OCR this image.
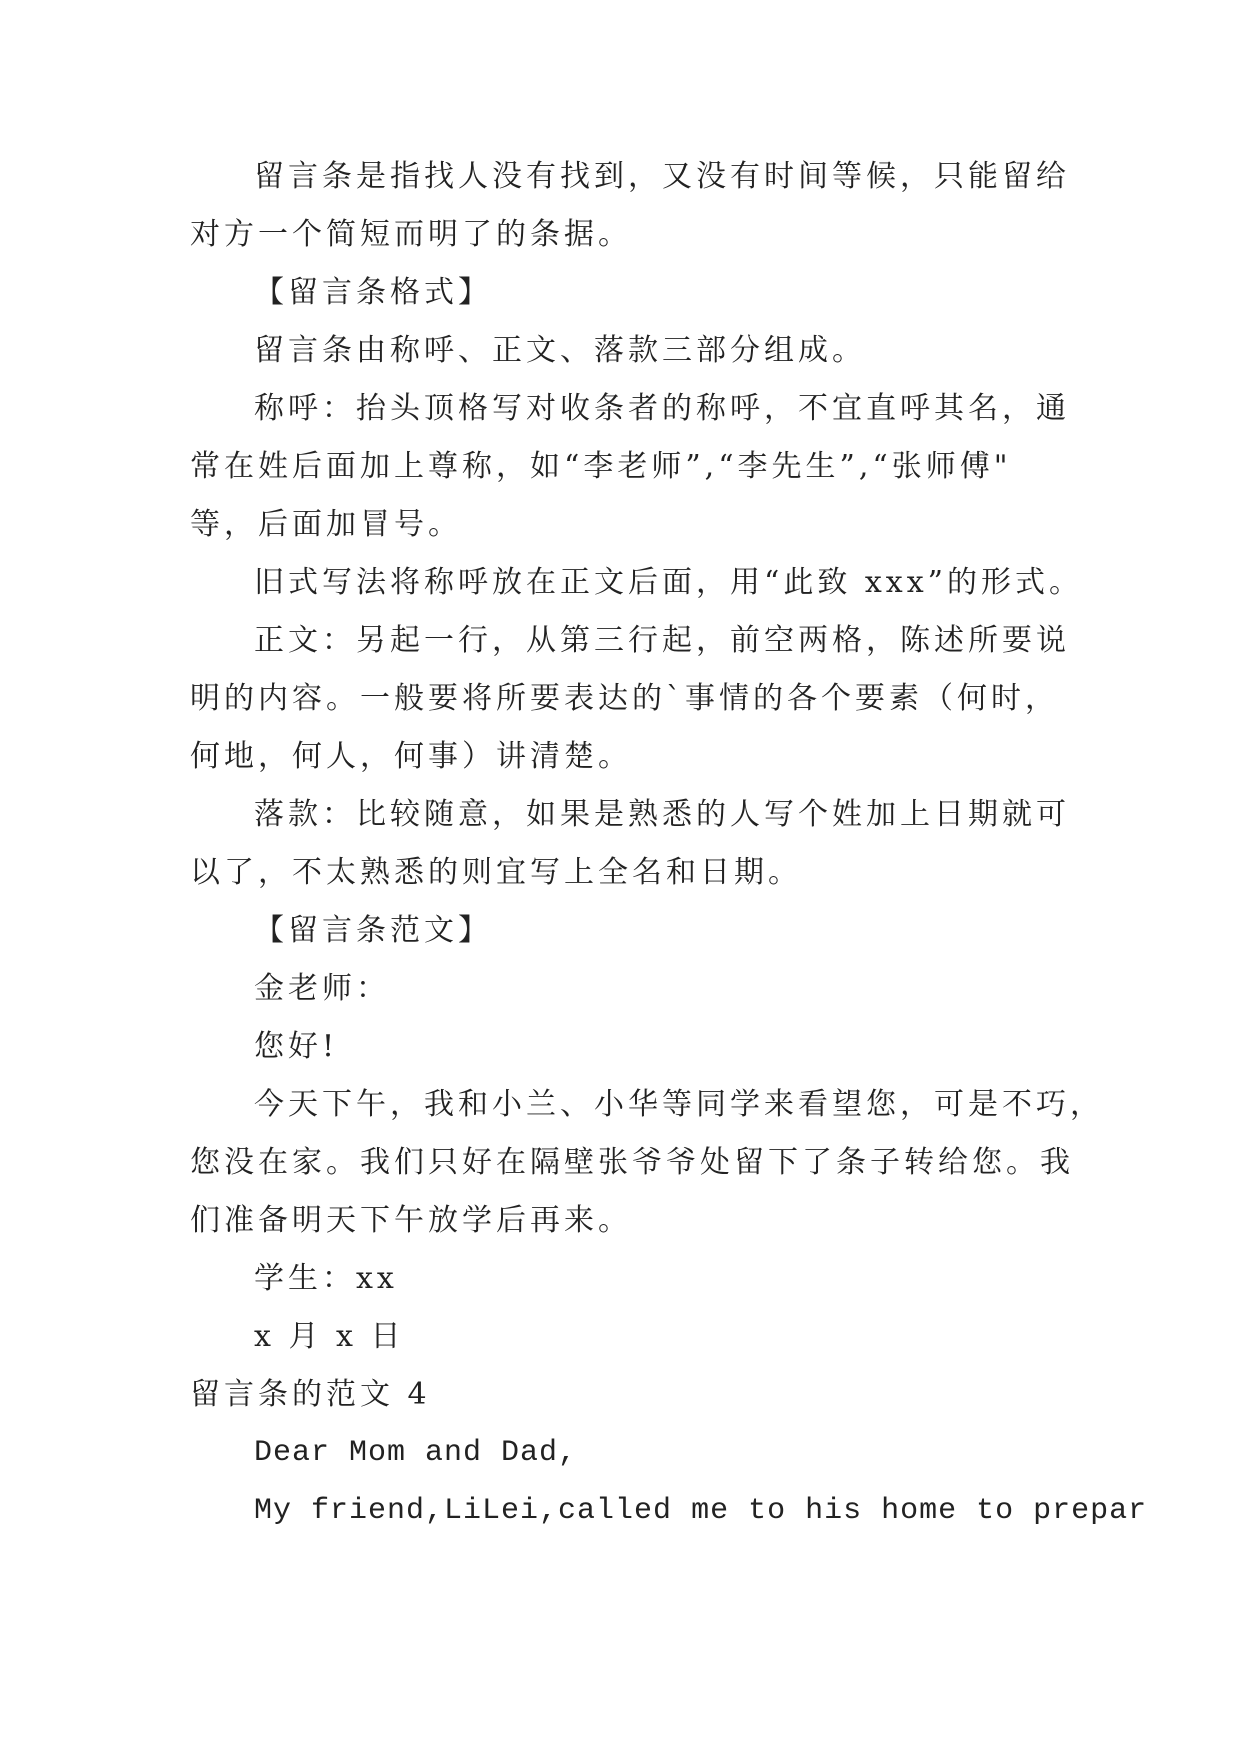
留言条是指找人没有找到，又没有时间等候，只能留给
对方一个简短而明了的条据。
【留言条格式】
留言条由称呼、正文、落款三部分组成。
称呼：抬头顶格写对收条者的称呼，不宜直呼其名，通
常在姓后面加上尊称，如“李老师”,“李先生”,“张师傅"
等，后面加冒号。
旧式写法将称呼放在正文后面，用“此致 xxx”的形式。
正文：另起一行，从第三行起，前空两格，陈述所要说
明的内容。一般要将所要表达的`事情的各个要素（何时，
何地，何人，何事）讲清楚。
落款：比较随意，如果是熟悉的人写个姓加上日期就可
以了，不太熟悉的则宜写上全名和日期。
【留言条范文】
金老师：
您好!
今天下午，我和小兰、小华等同学来看望您，可是不巧，
您没在家。我们只好在隔壁张爷爷处留下了条子转给您。我
们准备明天下午放学后再来。
学生：xx
x 月 x 日
留言条的范文 4
Dear Mom and Dad,
My friend,LiLei,called me to his home to prepar
